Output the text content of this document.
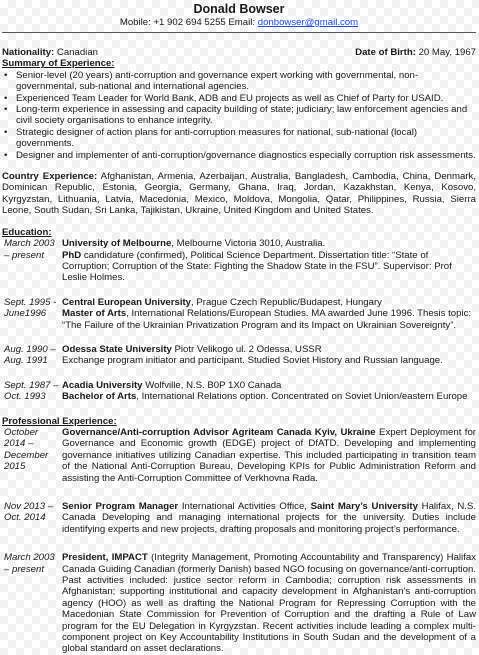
Donald Bowser
Mobile: +1 902 694 5255 Email: donbowser@gmail.com
Nationality: Canadian	Date of Birth: 20 May, 1967
Summary of Experience:
• Senior-level (20 years) anti-corruption and governance expert working with governmental, non-governmental, sub-national and international agencies.
• Experienced Team Leader for World Bank, ADB and EU projects as well as Chief of Party for USAID.
• Long-term experience in assessing and capacity building of state; judiciary; law enforcement agencies and civil society organisations to enhance integrity.
• Strategic designer of action plans for anti-corruption measures for national, sub-national (local) governments.
• Designer and implementer of anti-corruption/governance diagnostics especially corruption risk assessments.
Country Experience: Afghanistan, Armenia, Azerbaijan, Australia, Bangladesh, Cambodia, China, Denmark, Dominican Republic, Estonia, Georgia, Germany, Ghana, Iraq, Jordan, Kazakhstan, Kenya, Kosovo, Kyrgyzstan, Lithuania, Latvia, Macedonia, Mexico, Moldova, Mongolia, Qatar, Philippines, Russia, Sierra Leone, South Sudan, Sri Lanka, Tajikistan, Ukraine, United Kingdom and United States.
Education:
March 2003 – present
University of Melbourne, Melbourne Victoria 3010, Australia.
PhD candidature (confirmed), Political Science Department. Dissertation title: “State of Corruption; Corruption of the State: Fighting the Shadow State in the FSU”. Supervisor: Prof Leslie Holmes.
Sept. 1995 - June1996
Central European University, Prague Czech Republic/Budapest, Hungary
Master of Arts, International Relations/European Studies. MA awarded June 1996. Thesis topic: “The Failure of the Ukrainian Privatization Program and its Impact on Ukrainian Sovereignty”.
Aug. 1990 – Aug. 1991
Odessa State University Piotr Velikogo ul. 2 Odessa, USSR
Exchange program initiator and participant. Studied Soviet History and Russian language.
Sept. 1987 – Oct. 1993
Acadia University Wolfville, N.S. B0P 1X0 Canada
Bachelor of Arts, International Relations option. Concentrated on Soviet Union/eastern Europe
Professional Experience:
October 2014 – December 2015
Governance/Anti-corruption Advisor Agriteam Canada Kyiv, Ukraine Expert Deployment for Governance and Economic growth (EDGE) project of DfATD. Developing and implementing governance initiatives utilizing Canadian expertise. This included participating in transition team of the National Anti-Corruption Bureau, Developing KPIs for Public Administration Reform and assisting the Anti-Corruption Committee of Verkhovna Rada.
Nov 2013 – Oct. 2014
Senior Program Manager International Activities Office, Saint Mary’s University Halifax, N.S. Canada Developing and managing international projects for the university. Duties include identifying experts and new projects, drafting proposals and monitoring project’s performance.
March 2003 – present
President, IMPACT (Integrity Management, Promoting Accountability and Transparency) Halifax Canada Guiding Canadian (formerly Danish) based NGO focusing on governance/anti-corruption. Past activities included: justice sector reform in Cambodia; corruption risk assessments in Afghanistan; supporting institutional and capacity development in Afghanistan’s anti-corruption agency (HOO) as well as drafting the National Program for Repressing Corruption with the Macedonian State Commission for Prevention of Corruption and the drafting a Rule of Law program for the EU Delegation in Kyrgyzstan. Recent activities include leading a complex multi-component project on Key Accountability Institutions in South Sudan and the development of a global standard on asset declarations.
